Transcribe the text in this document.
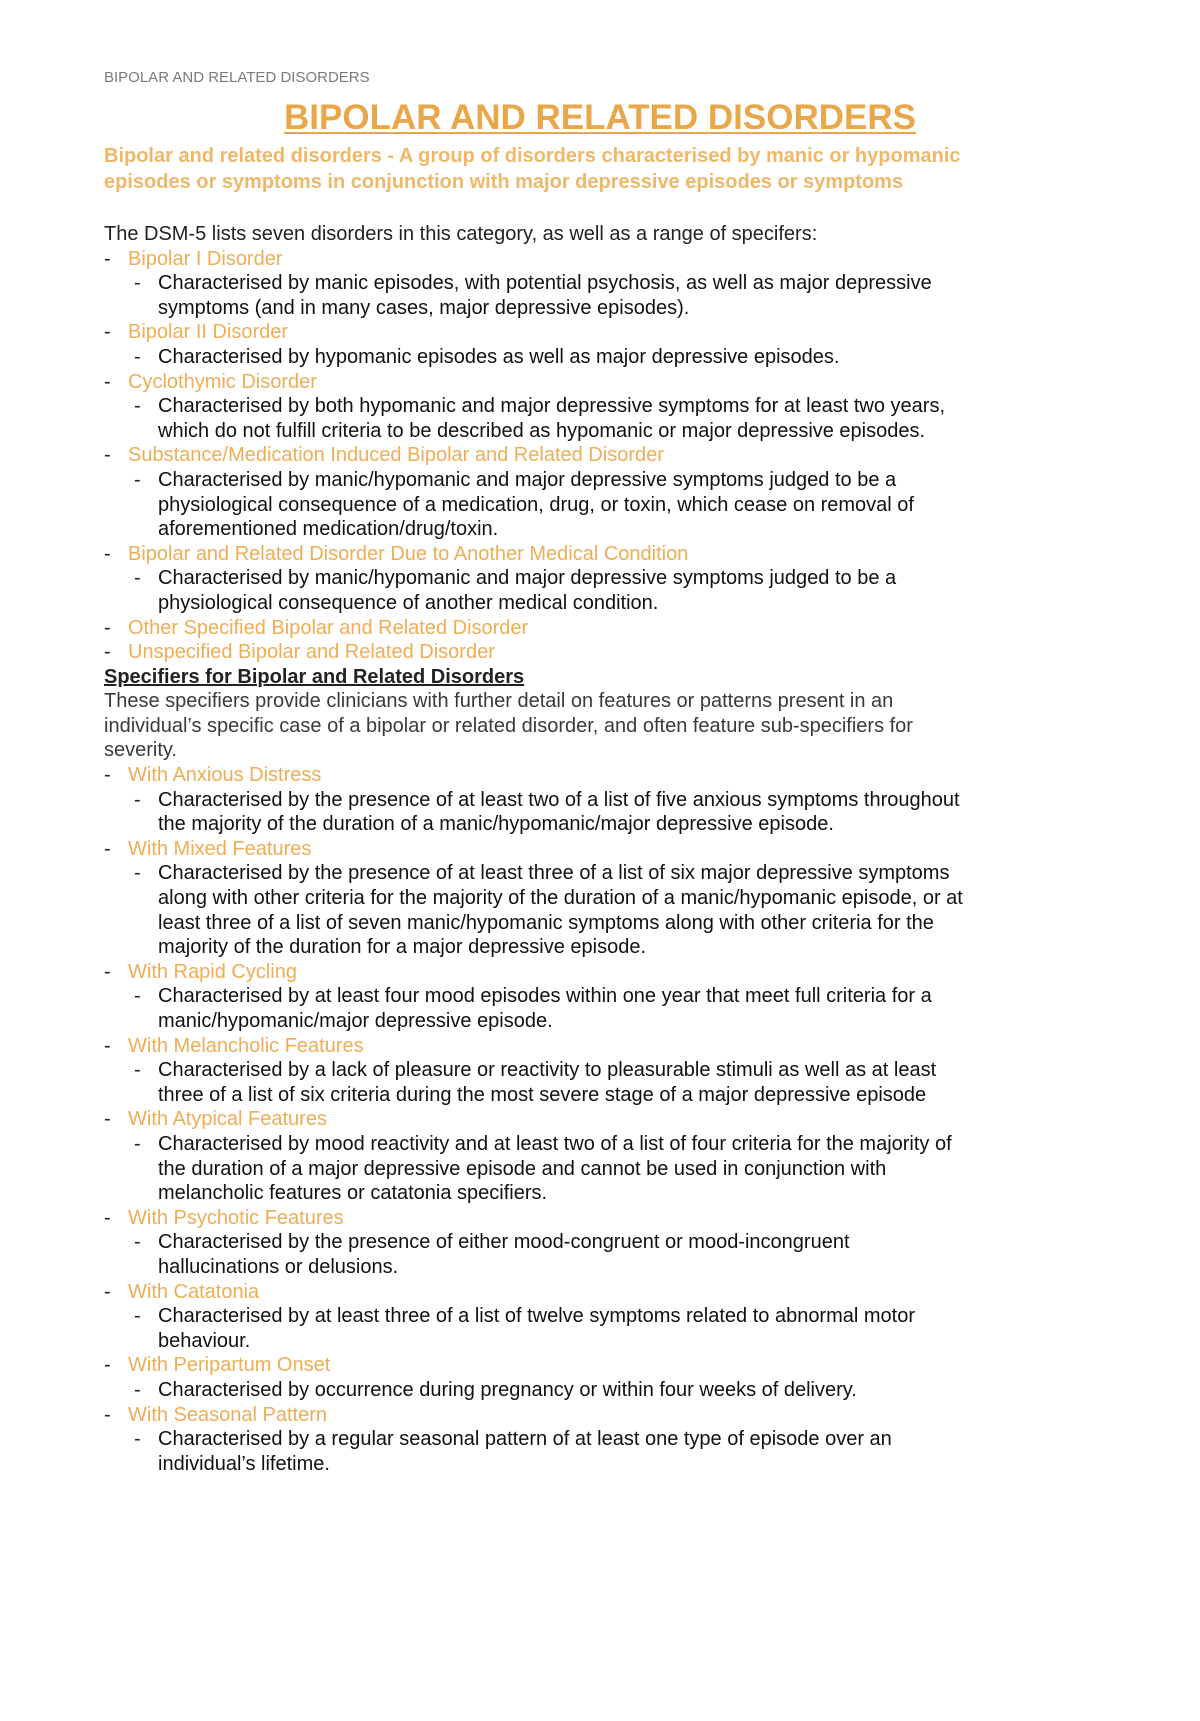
BIPOLAR AND RELATED DISORDERS
BIPOLAR AND RELATED DISORDERS
Bipolar and related disorders - A group of disorders characterised by manic or hypomanic
episodes or symptoms in conjunction with major depressive episodes or symptoms
The DSM-5 lists seven disorders in this category, as well as a range of specifers:
- Bipolar I Disorder
- Characterised by manic episodes, with potential psychosis, as well as major depressive
symptoms (and in many cases, major depressive episodes).
- Bipolar II Disorder
- Characterised by hypomanic episodes as well as major depressive episodes.
- Cyclothymic Disorder
- Characterised by both hypomanic and major depressive symptoms for at least two years,
which do not fulfill criteria to be described as hypomanic or major depressive episodes.
- Substance/Medication Induced Bipolar and Related Disorder
- Characterised by manic/hypomanic and major depressive symptoms judged to be a
physiological consequence of a medication, drug, or toxin, which cease on removal of
aforementioned medication/drug/toxin.
- Bipolar and Related Disorder Due to Another Medical Condition
- Characterised by manic/hypomanic and major depressive symptoms judged to be a
physiological consequence of another medical condition.
- Other Specified Bipolar and Related Disorder
- Unspecified Bipolar and Related Disorder
Specifiers for Bipolar and Related Disorders
These specifiers provide clinicians with further detail on features or patterns present in an
individual’s specific case of a bipolar or related disorder, and often feature sub-specifiers for
severity.
- With Anxious Distress
- Characterised by the presence of at least two of a list of five anxious symptoms throughout
the majority of the duration of a manic/hypomanic/major depressive episode.
- With Mixed Features
- Characterised by the presence of at least three of a list of six major depressive symptoms
along with other criteria for the majority of the duration of a manic/hypomanic episode, or at
least three of a list of seven manic/hypomanic symptoms along with other criteria for the
majority of the duration for a major depressive episode.
- With Rapid Cycling
- Characterised by at least four mood episodes within one year that meet full criteria for a
manic/hypomanic/major depressive episode.
- With Melancholic Features
- Characterised by a lack of pleasure or reactivity to pleasurable stimuli as well as at least
three of a list of six criteria during the most severe stage of a major depressive episode
- With Atypical Features
- Characterised by mood reactivity and at least two of a list of four criteria for the majority of
the duration of a major depressive episode and cannot be used in conjunction with
melancholic features or catatonia specifiers.
- With Psychotic Features
- Characterised by the presence of either mood-congruent or mood-incongruent
hallucinations or delusions.
- With Catatonia
- Characterised by at least three of a list of twelve symptoms related to abnormal motor
behaviour.
- With Peripartum Onset
- Characterised by occurrence during pregnancy or within four weeks of delivery.
- With Seasonal Pattern
- Characterised by a regular seasonal pattern of at least one type of episode over an
individual’s lifetime.
